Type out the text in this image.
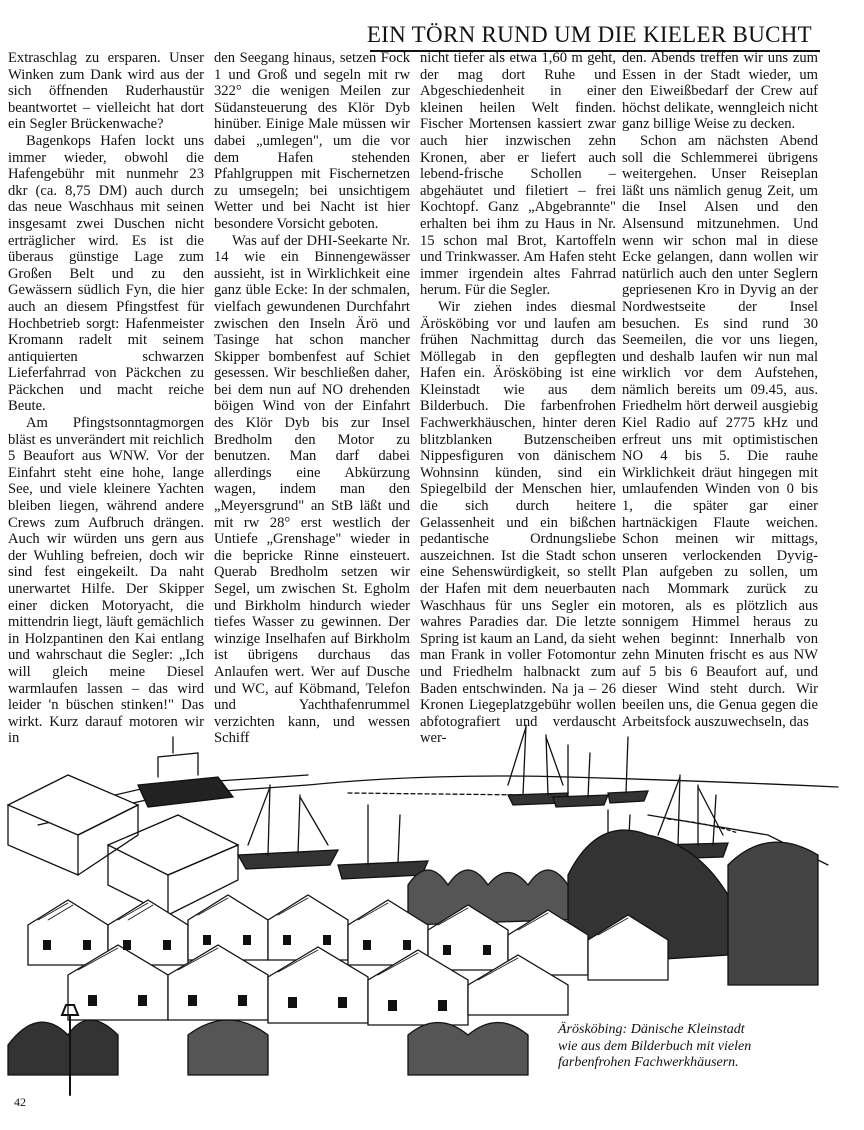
EIN TÖRN RUND UM DIE KIELER BUCHT

Extraschlag zu ersparen. Unser Winken zum Dank wird aus der sich öffnenden Ruderhaustür beantwortet – vielleicht hat dort ein Segler Brückenwache?

Bagenkops Hafen lockt uns immer wieder, obwohl die Hafengebühr mit nunmehr 23 dkr (ca. 8,75 DM) auch durch das neue Waschhaus mit seinen insgesamt zwei Duschen nicht erträglicher wird. Es ist die überaus günstige Lage zum Großen Belt und zu den Gewässern südlich Fyn, die hier auch an diesem Pfingstfest für Hochbetrieb sorgt: Hafenmeister Kromann radelt mit seinem antiquierten schwarzen Lieferfahrrad von Päckchen zu Päckchen und macht reiche Beute.

Am Pfingstsonntagmorgen bläst es unverändert mit reichlich 5 Beaufort aus WNW. Vor der Einfahrt steht eine hohe, lange See, und viele kleinere Yachten bleiben liegen, während andere Crews zum Aufbruch drängen. Auch wir würden uns gern aus der Wuhling befreien, doch wir sind fest eingekeilt. Da naht unerwartet Hilfe. Der Skipper einer dicken Motoryacht, die mittendrin liegt, läuft gemächlich in Holzpantinen den Kai entlang und wahrschaut die Segler: „Ich will gleich meine Diesel warmlaufen lassen – das wird leider 'n büschen stinken!" Das wirkt. Kurz darauf motoren wir in

den Seegang hinaus, setzen Fock 1 und Groß und segeln mit rw 322° die wenigen Meilen zur Südansteuerung des Klör Dyb hinüber. Einige Male müssen wir dabei „umlegen", um die vor dem Hafen stehenden Pfahlgruppen mit Fischernetzen zu umsegeln; bei unsichtigem Wetter und bei Nacht ist hier besondere Vorsicht geboten.

Was auf der DHI-Seekarte Nr. 14 wie ein Binnengewässer aussieht, ist in Wirklichkeit eine ganz üble Ecke: In der schmalen, vielfach gewundenen Durchfahrt zwischen den Inseln Ärö und Tasinge hat schon mancher Skipper bombenfest auf Schiet gesessen. Wir beschließen daher, bei dem nun auf NO drehenden böigen Wind von der Einfahrt des Klör Dyb bis zur Insel Bredholm den Motor zu benutzen. Man darf dabei allerdings eine Abkürzung wagen, indem man den „Meyersgrund" an StB läßt und mit rw 28° erst westlich der Untiefe „Grenshage" wieder in die bepricke Rinne einsteuert. Querab Bredholm setzen wir Segel, um zwischen St. Egholm und Birkholm hindurch wieder tiefes Wasser zu gewinnen. Der winzige Inselhafen auf Birkholm ist übrigens durchaus das Anlaufen wert. Wer auf Dusche und WC, auf Köbmand, Telefon und Yachthafenrummel verzichten kann, und wessen Schiff

nicht tiefer als etwa 1,60 m geht, der mag dort Ruhe und Abgeschiedenheit in einer kleinen heilen Welt finden. Fischer Mortensen kassiert zwar auch hier inzwischen zehn Kronen, aber er liefert auch lebend-frische Schollen – abgehäutet und filetiert – frei Kochtopf. Ganz „Abgebrannte" erhalten bei ihm zu Haus in Nr. 15 schon mal Brot, Kartoffeln und Trinkwasser. Am Hafen steht immer irgendein altes Fahrrad herum. Für die Segler.

Wir ziehen indes diesmal Ärösköbing vor und laufen am frühen Nachmittag durch das Möllegab in den gepflegten Hafen ein. Ärösköbing ist eine Kleinstadt wie aus dem Bilderbuch. Die farbenfrohen Fachwerkhäuschen, hinter deren blitzblanken Butzenscheiben Nippesfiguren von dänischem Wohnsinn künden, sind ein Spiegelbild der Menschen hier, die sich durch heitere Gelassenheit und ein bißchen pedantische Ordnungsliebe auszeichnen. Ist die Stadt schon eine Sehenswürdigkeit, so stellt der Hafen mit dem neuerbauten Waschhaus für uns Segler ein wahres Paradies dar. Die letzte Spring ist kaum an Land, da sieht man Frank in voller Fotomontur und Friedhelm halbnackt zum Baden entschwinden. Na ja – 26 Kronen Liegeplatzgebühr wollen abfotografiert und verdauscht wer-

den. Abends treffen wir uns zum Essen in der Stadt wieder, um den Eiweißbedarf der Crew auf höchst delikate, wenngleich nicht ganz billige Weise zu decken.

Schon am nächsten Abend soll die Schlemmerei übrigens weitergehen. Unser Reiseplan läßt uns nämlich genug Zeit, um die Insel Alsen und den Alsensund mitzunehmen. Und wenn wir schon mal in diese Ecke gelangen, dann wollen wir natürlich auch den unter Seglern gepriesenen Kro in Dyvig an der Nordwestseite der Insel besuchen. Es sind rund 30 Seemeilen, die vor uns liegen, und deshalb laufen wir nun mal wirklich vor dem Aufstehen, nämlich bereits um 09.45, aus. Friedhelm hört derweil ausgiebig Kiel Radio auf 2775 kHz und erfreut uns mit optimistischen NO 4 bis 5. Die rauhe Wirklichkeit dräut hingegen mit umlaufenden Winden von 0 bis 1, die später gar einer hartnäckigen Flaute weichen. Schon meinen wir mittags, unseren verlockenden Dyvig-Plan aufgeben zu sollen, um nach Mommark zurück zu motoren, als es plötzlich aus sonnigem Himmel heraus zu wehen beginnt: Innerhalb von zehn Minuten frischt es aus NW auf 5 bis 6 Beaufort auf, und dieser Wind steht durch. Wir beeilen uns, die Genua gegen die Arbeitsfock auszuwechseln, das

Ärösköbing: Dänische Kleinstadt wie aus dem Bilderbuch mit vielen farbenfrohen Fachwerkhäusern.
42
